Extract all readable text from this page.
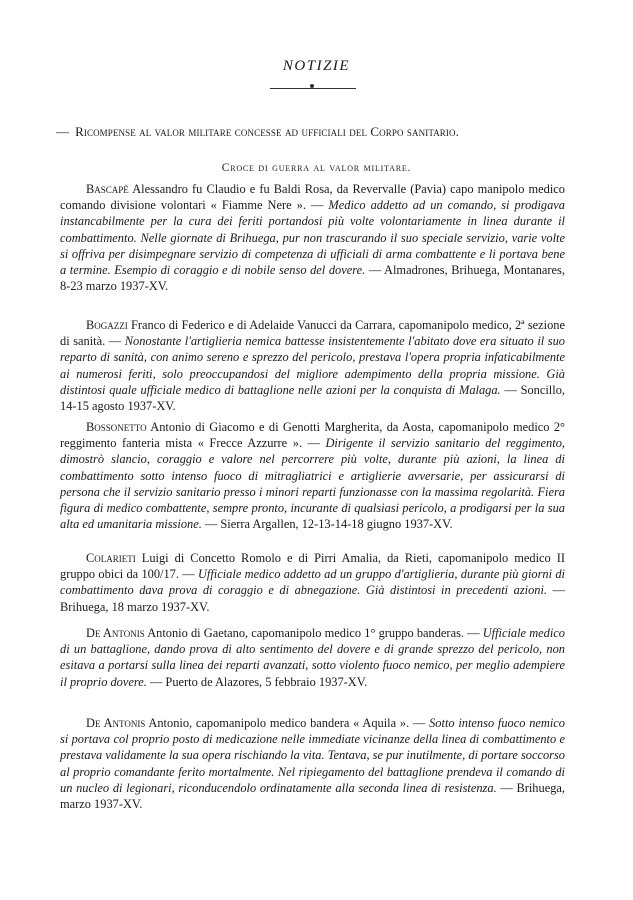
NOTIZIE
— Ricompense al valor militare concesse ad ufficiali del Corpo sanitario.
Croce di guerra al valor militare.
Bascapè Alessandro fu Claudio e fu Baldi Rosa, da Revervalle (Pavia) capo manipolo medico comando divisione volontari « Fiamme Nere ». — Medico addetto ad un comando, si prodigava instancabilmente per la cura dei feriti portandosi più volte volontariamente in linea durante il combattimento. Nelle giornate di Brihuega, pur non trascurando il suo speciale servizio, varie volte si offriva per disimpegnare servizio di competenza di ufficiali di arma combattente e li portava bene a termine. Esempio di coraggio e di nobile senso del dovere. — Almadrones, Brihuega, Montanares, 8-23 marzo 1937-XV.
Bogazzi Franco di Federico e di Adelaide Vanucci da Carrara, capomanipolo medico, 2ª sezione di sanità. — Nonostante l'artiglieria nemica battesse insistentemente l'abitato dove era situato il suo reparto di sanità, con animo sereno e sprezzo del pericolo, prestava l'opera propria infaticabilmente ai numerosi feriti, solo preoccupandosi del migliore adempimento della propria missione. Già distintosi quale ufficiale medico di battaglione nelle azioni per la conquista di Malaga. — Soncillo, 14-15 agosto 1937-XV.
Bossonetto Antonio di Giacomo e di Genotti Margherita, da Aosta, capomanipolo medico 2° reggimento fanteria mista « Frecce Azzurre ». — Dirigente il servizio sanitario del reggimento, dimostrò slancio, coraggio e valore nel percorrere più volte, durante più azioni, la linea di combattimento sotto intenso fuoco di mitragliatrici e artiglierie avversarie, per assicurarsi di persona che il servizio sanitario presso i minori reparti funzionasse con la massima regolarità. Fiera figura di medico combattente, sempre pronto, incurante di qualsiasi pericolo, a prodigarsi per la sua alta ed umanitaria missione. — Sierra Argallen, 12-13-14-18 giugno 1937-XV.
Colarieti Luigi di Concetto Romolo e di Pirri Amalia, da Rieti, capomanipolo medico II gruppo obici da 100/17. — Ufficiale medico addetto ad un gruppo d'artiglieria, durante più giorni di combattimento dava prova di coraggio e di abnegazione. Già distintosi in precedenti azioni. — Brihuega, 18 marzo 1937-XV.
De Antonis Antonio di Gaetano, capomanipolo medico 1° gruppo banderas. — Ufficiale medico di un battaglione, dando prova di alto sentimento del dovere e di grande sprezzo del pericolo, non esitava a portarsi sulla linea dei reparti avanzati, sotto violento fuoco nemico, per meglio adempiere il proprio dovere. — Puerto de Alazores, 5 febbraio 1937-XV.
De Antonis Antonio, capomanipolo medico bandera « Aquila ». — Sotto intenso fuoco nemico si portava col proprio posto di medicazione nelle immediate vicinanze della linea di combattimento e prestava validamente la sua opera rischiando la vita. Tentava, se pur inutilmente, di portare soccorso al proprio comandante ferito mortalmente. Nel ripiegamento del battaglione prendeva il comando di un nucleo di legionari, riconducendolo ordinatamente alla seconda linea di resistenza. — Brihuega, marzo 1937-XV.
